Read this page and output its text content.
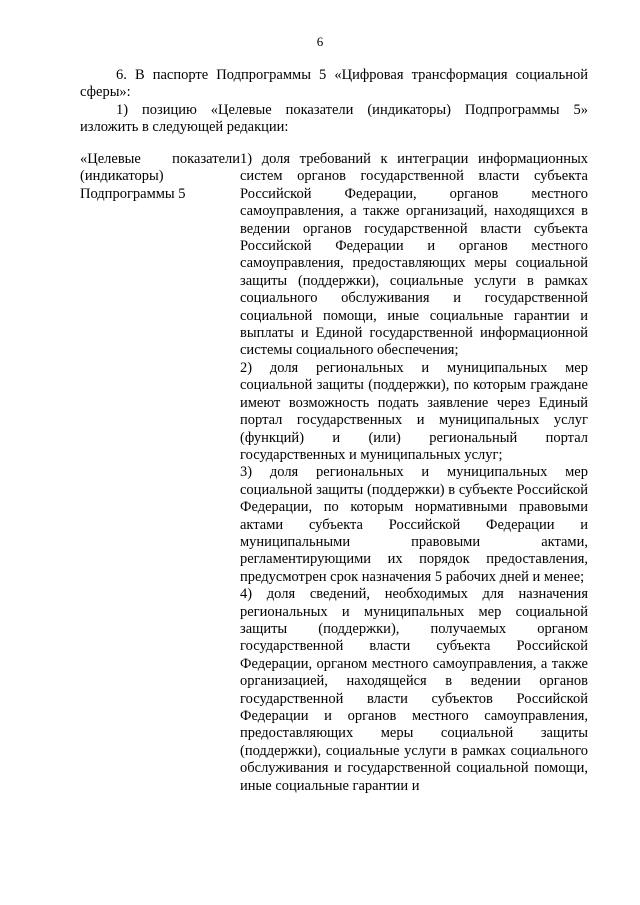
6

6. В паспорте Подпрограммы 5 «Цифровая трансформация социальной сферы»:

1) позицию «Целевые показатели (индикаторы) Подпрограммы 5» изложить в следующей редакции:

«Целевые показатели
(индикаторы)
Подпрограммы 5

1) доля требований к интеграции информационных систем органов государственной власти субъекта Российской Федерации, органов местного самоуправления, а также организаций, находящихся в ведении органов государственной власти субъекта Российской Федерации и органов местного самоуправления, предоставляющих меры социальной защиты (поддержки), социальные услуги в рамках социального обслуживания и государственной социальной помощи, иные социальные гарантии и выплаты и Единой государственной информационной системы социального обеспечения;

2) доля региональных и муниципальных мер социальной защиты (поддержки), по которым граждане имеют возможность подать заявление через Единый портал государственных и муниципальных услуг (функций) и (или) региональный портал государственных и муниципальных услуг;

3) доля региональных и муниципальных мер социальной защиты (поддержки) в субъекте Российской Федерации, по которым нормативными правовыми актами субъекта Российской Федерации и муниципальными правовыми актами, регламентирующими их порядок предоставления, предусмотрен срок назначения 5 рабочих дней и менее;

4) доля сведений, необходимых для назначения региональных и муниципальных мер социальной защиты (поддержки), получаемых органом государственной власти субъекта Российской Федерации, органом местного самоуправления, а также организацией, находящейся в ведении органов государственной власти субъектов Российской Федерации и органов местного самоуправления, предоставляющих меры социальной защиты (поддержки), социальные услуги в рамках социального обслуживания и государственной социальной помощи, иные социальные гарантии и
